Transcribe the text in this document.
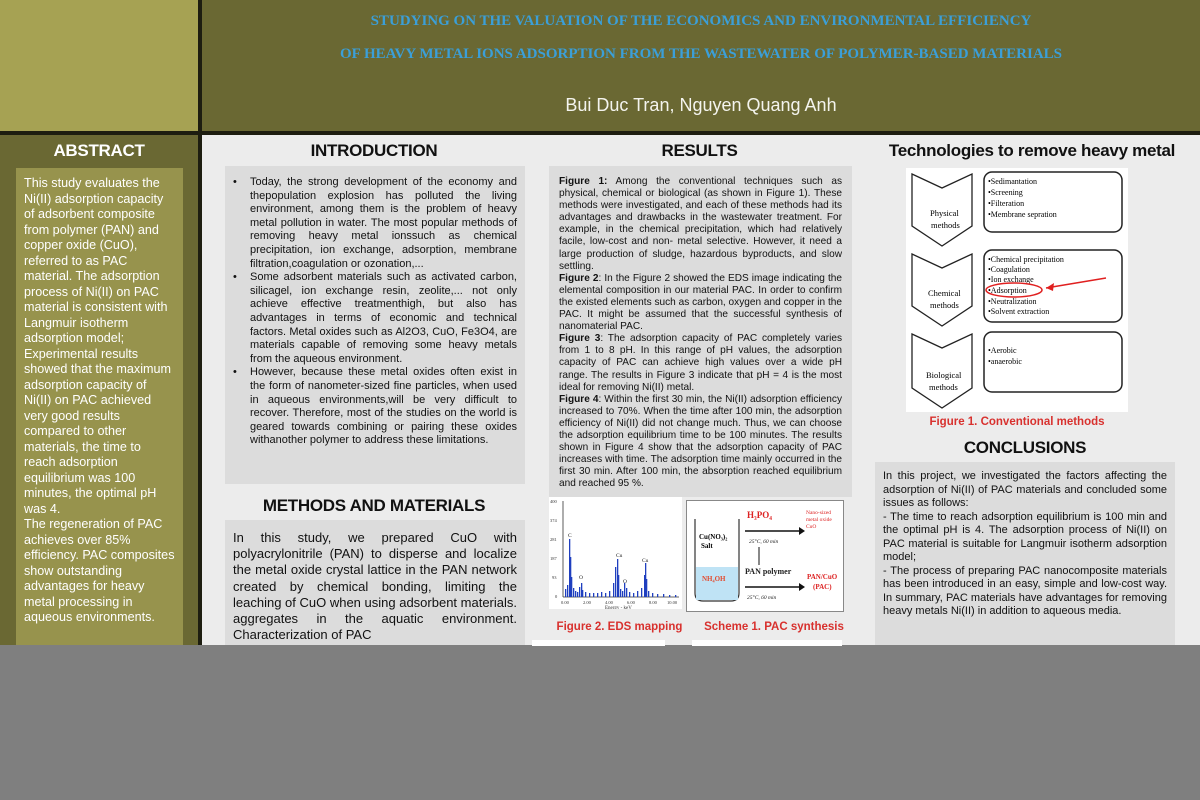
STUDYING ON THE VALUATION OF THE ECONOMICS AND ENVIRONMENTAL EFFICIENCY
OF HEAVY METAL IONS ADSORPTION FROM THE WASTEWATER OF POLYMER-BASED MATERIALS
Bui Duc Tran, Nguyen Quang Anh
ABSTRACT

This study evaluates the Ni(II) adsorption capacity of adsorbent composite from polymer (PAN) and copper oxide (CuO), referred to as PAC material. The adsorption process of Ni(II) on PAC material is consistent with Langmuir isotherm adsorption model; Experimental results showed that the maximum adsorption capacity of Ni(II) on PAC achieved very good results compared to other materials, the time to reach adsorption equilibrium was 100 minutes, the optimal pH was 4.

The regeneration of PAC achieves over 85% efficiency. PAC composites show outstanding advantages for heavy metal processing in aqueous environments.

INTRODUCTION
• Today, the strong development of the economy and thepopulation explosion has polluted the living environment, among them is the problem of heavy metal pollution in water. The most popular methods of removing heavy metal ionssuch as chemical precipitation, ion exchange, adsorption, membrane filtration,coagulation or ozonation,...
• Some adsorbent materials such as activated carbon, silicagel, ion exchange resin, zeolite,... not only achieve effective treatmenthigh, but also has advantages in terms of economic and technical factors. Metal oxides such as Al2O3, CuO, Fe3O4, are materials capable of removing some heavy metals from the aqueous environment.
• However, because these metal oxides often exist in the form of nanometer-sized fine particles, when used in aqueous environments,will be very difficult to recover. Therefore, most of the studies on the world is geared towards combining or pairing these oxides withanother polymer to address these limitations.
METHODS AND MATERIALS

In this study, we prepared CuO with polyacrylonitrile (PAN) to disperse and localize the metal oxide crystal lattice in the PAN network created by chemical bonding, limiting the leaching of CuO when using adsorbent materials. aggregates in the aquatic environment. Characterization of PAC

RESULTS

Figure 1: Among the conventional techniques such as physical, chemical or biological (as shown in Figure 1). These methods were investigated, and each of these methods had its advantages and drawbacks in the wastewater treatment. For example, in the chemical precipitation, which had relatively facile, low-cost and non- metal selective. However, it need a large production of sludge, hazardous byproducts, and slow settling.

Figure 2: In the Figure 2 showed the EDS image indicating the elemental composition in our material PAC. In order to confirm the existed elements such as carbon, oxygen and copper in the PAC. It might be assumed that the successful synthesis of nanomaterial PAC.

Figure 3: The adsorption capacity of PAC completely varies from 1 to 8 pH. In this range of pH values, the adsorption capacity of PAC can achieve high values over a wide pH range. The results in Figure 3 indicate that pH = 4 is the most ideal for removing Ni(II) metal.

Figure 4: Within the first 30 min, the Ni(II) adsorption efficiency increased to 70%. When the time after 100 min, the adsorption efficiency of Ni(II) did not change much. Thus, we can choose the adsorption equilibrium time to be 100 minutes. The results shown in Figure 4 show that the adsorption capacity of PAC increases with time. The adsorption time mainly occurred in the first 30 min. After 100 min, the absorption reached equilibrium and reached 95 %.

400
374
281
187
93
0
0.00	2.00	4.00	6.00	8.00 10.00
Energy - keV
C
O
Cu
O
Cu
Figure 2. EDS mapping
Cu(NO₃)₂
Salt
NH₄OH
H₃PO₄
25°C, 60 min
Nano-sized
metal oxide
CuO
PAN polymer
25°C, 60 min
PAN/CuO
(PAC)
Scheme 1. PAC synthesis
Technologies to remove heavy metal
Physical
methods
Chemical
methods
Biological
methods
•Sedimantation
•Screening
•Filteration
•Membrane sepration
•Chemical precipitation
•Coagulation
•Ion exchange
•Adsorption
•Neutralization
•Solvent extraction
•Aerobic
•anaerobic
Figure 1. Conventional methods
CONCLUSIONS

In this project, we investigated the factors affecting the adsorption of Ni(II) of PAC materials and concluded some issues as follows:

- The time to reach adsorption equilibrium is 100 min and the optimal pH is 4. The adsorption process of Ni(II) on PAC material is suitable for Langmuir isotherm adsorption model;

- The process of preparing PAC nanocomposite materials has been introduced in an easy, simple and low-cost way. In summary, PAC materials have advantages for removing heavy metals Ni(II) in addition to aqueous media.
